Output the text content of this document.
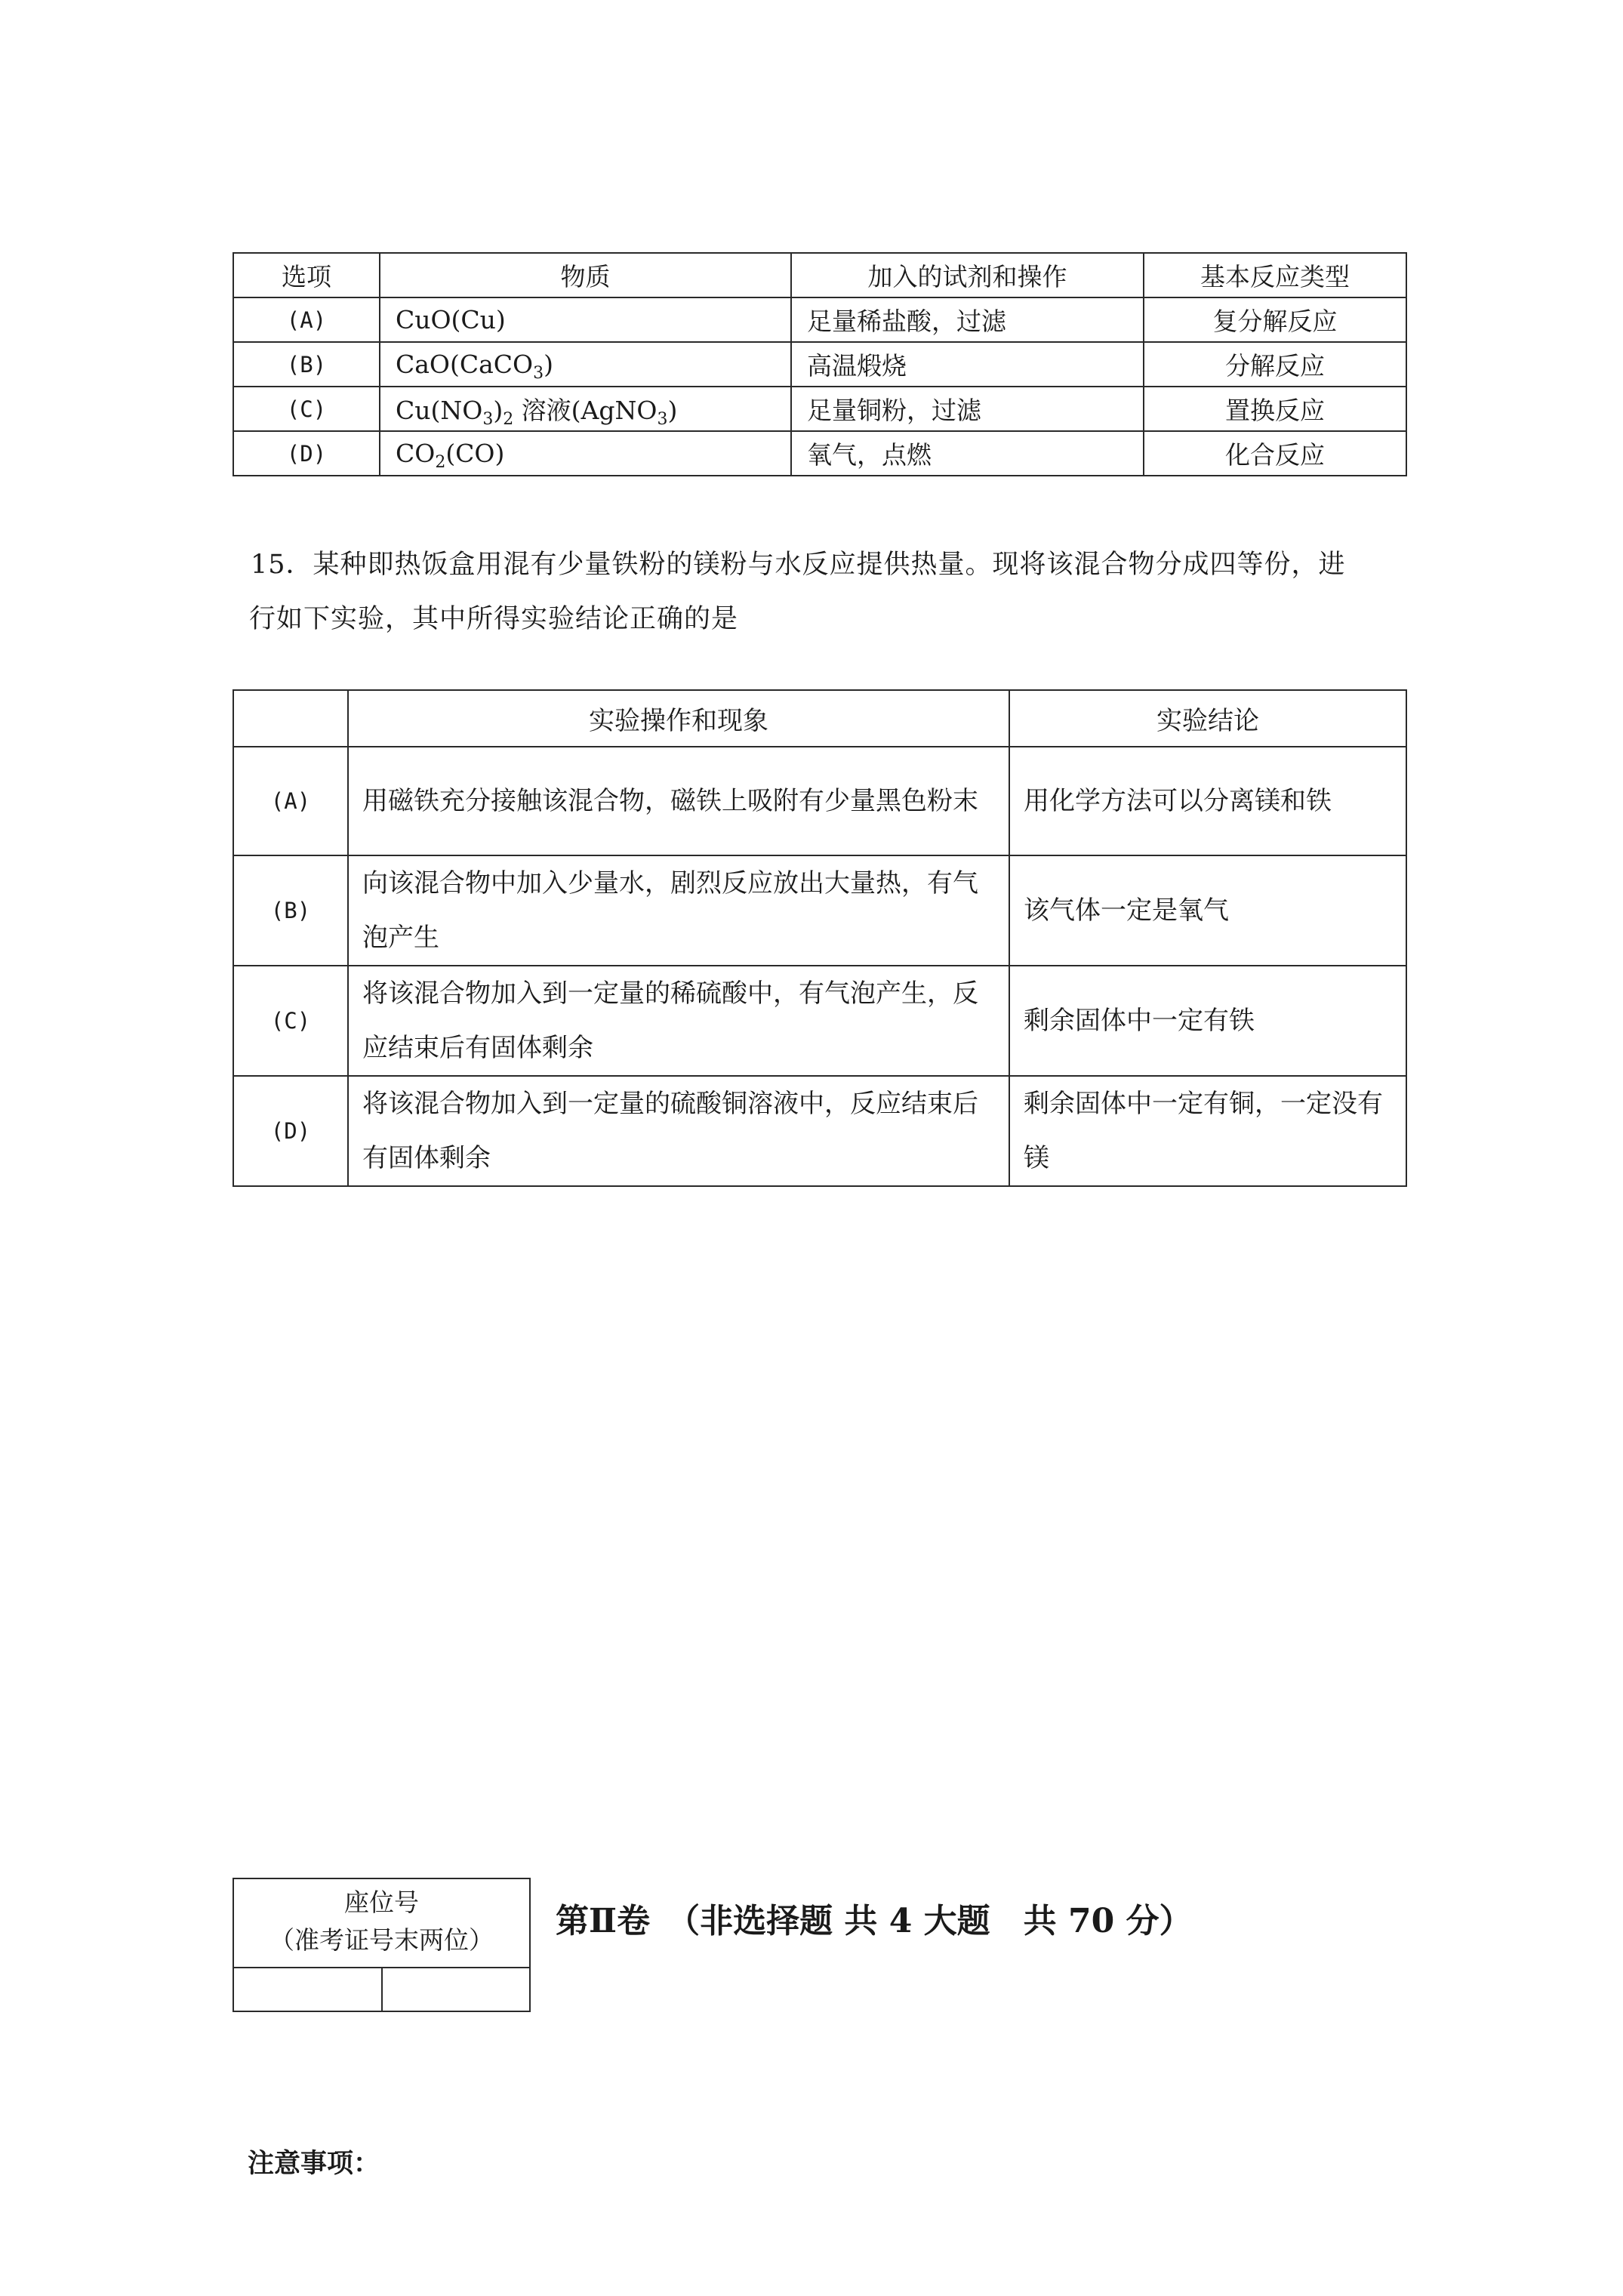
选项	物质	加入的试剂和操作	基本反应类型
(A)	CuO(Cu)	足量稀盐酸，过滤	复分解反应
(B)	CaO(CaCO$_3$)	高温煅烧	分解反应
(C)	$Cu(NO_3)_2$ 溶液(AgNO$_3$)	足量铜粉，过滤	置换反应
(D)	$CO_2(CO)$	氧气，点燃	化合反应

15．某种即热饭盒用混有少量铁粉的镁粉与水反应提供热量。现将该混合物分成四等份，进

行如下实验，其中所得实验结论正确的是

	实验操作和现象	实验结论
(A)	用磁铁充分接触该混合物，磁铁上吸附有少量黑色粉末	用化学方法可以分离镁和铁
(B)	向该混合物中加入少量水，剧烈反应放出大量热，有气泡产生	该气体一定是氧气
(C)	将该混合物加入到一定量的稀硫酸中，有气泡产生，反应结束后有固体剩余	剩余固体中一定有铁
(D)	将该混合物加入到一定量的硫酸铜溶液中，反应结束后有固体剩余	剩余固体中一定有铜，一定没有镁
座位号
（准考证号末两位）	第Ⅱ卷　（非选择题 共 4 大题　共 70 分）
注意事项：
